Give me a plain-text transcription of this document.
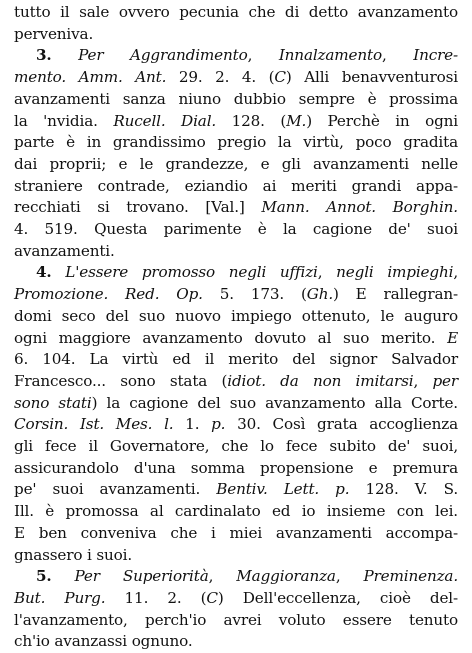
tutto il sale ovvero pecunia che di detto avanzamento
perveniva.
3. Per Aggrandimento, Innalzamento, Incre-
mento. Amm. Ant. 29. 2. 4. (C) Alli benavventurosi
avanzamenti sanza niuno dubbio sempre è prossima
la 'nvidia. Rucell. Dial. 128. (M.) Perchè in ogni
parte è in grandissimo pregio la virtù, poco gradita
dai proprii; e le grandezze, e gli avanzamenti nelle
straniere contrade, eziandio ai meriti grandi appa-
recchiati si trovano. [Val.] Mann. Annot. Borghin.
4. 519. Questa parimente è la cagione de' suoi
avanzamenti.
4. L'essere promosso negli uffizi, negli impieghi,
Promozione. Red. Op. 5. 173. (Gh.) E rallegran-
domi seco del suo nuovo impiego ottenuto, le auguro
ogni maggiore avanzamento dovuto al suo merito. E
6. 104. La virtù ed il merito del signor Salvador
Francesco... sono stata (idiot. da non imitarsi, per
sono stati) la cagione del suo avanzamento alla Corte.
Corsin. Ist. Mes. l. 1. p. 30. Così grata accoglienza
gli fece il Governatore, che lo fece subito de' suoi,
assicurandolo d'una somma propensione e premura
pe' suoi avanzamenti. Bentiv. Lett. p. 128. V. S.
Ill. è promossa al cardinalato ed io insieme con lei.
E ben conveniva che i miei avanzamenti accompa-
gnassero i suoi.
5. Per Superiorità, Maggioranza, Preminenza.
But. Purg. 11. 2. (C) Dell'eccellenza, cioè del-
l'avanzamento, perch'io avrei voluto essere tenuto
ch'io avanzassi ognuno.
